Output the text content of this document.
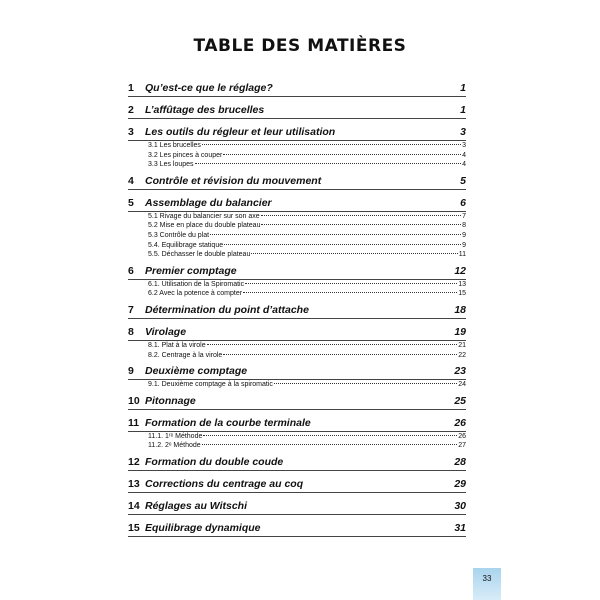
TABLE DES MATIÈRES
1	Qu’est-ce que le réglage?	1
2	L’affûtage des brucelles	1
3	Les outils du régleur et leur utilisation	3
3.1 Les brucelles	3
3.2 Les pinces à couper	4
3.3 Les loupes	4
4	Contrôle et révision du mouvement	5
5	Assemblage du balancier	6
5.1 Rivage du balancier sur son axe	7
5.2 Mise en place du double plateau	8
5.3 Contrôle du plat	9
5.4. Equilibrage statique	9
5.5. Déchasser le double plateau	11
6	Premier comptage	12
6.1. Utilisation de la Spiromatic	13
6.2 Avec la potence à compter	15
7	Détermination du point d’attache	18
8	Virolage	19
8.1. Plat à la virole	21
8.2. Centrage à la virole	22
9	Deuxième comptage	23
9.1. Deuxième comptage à la spiromatic	24
10 Pitonnage	25
11 Formation de la courbe terminale	26
11.1. 1ʳᵉ Méthode	26
11.2. 2ᵉ Méthode	27
12 Formation du double coude	28
13 Corrections du centrage au coq	29
14 Réglages au Witschi	30
15 Equilibrage dynamique	31
33
